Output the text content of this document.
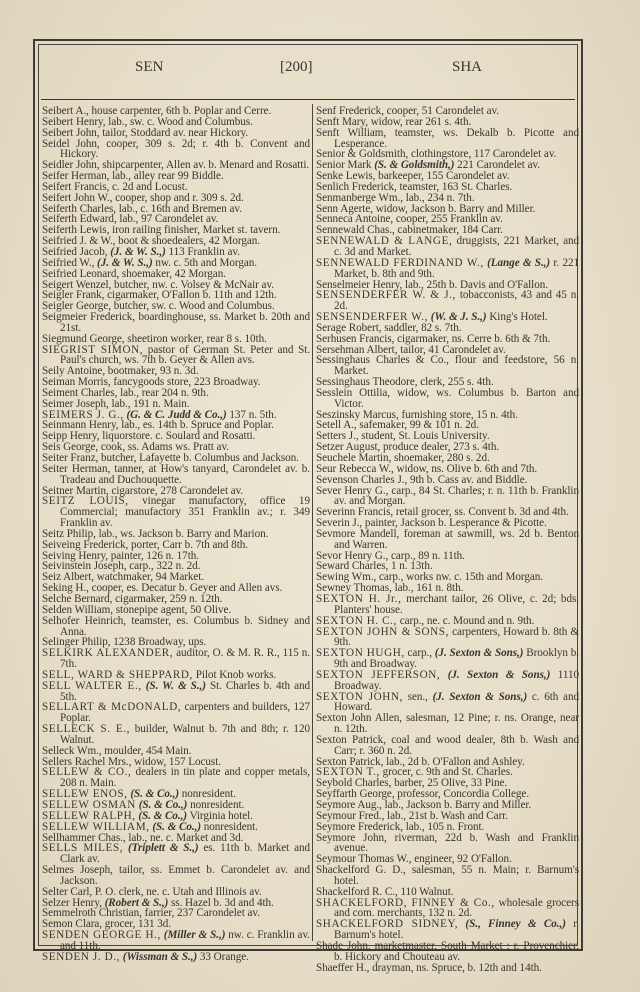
SEN	[200]	SHA
Seibert A., house carpenter, 6th b. Poplar and Cerre.
Seibert Henry, lab., sw. c. Wood and Columbus.
Seibert John, tailor, Stoddard av. near Hickory.
Seidel John, cooper, 309 s. 2d; r. 4th b. Convent and Hickory.
Seidler John, shipcarpenter, Allen av. b. Menard and Rosatti.
Seifer Herman, lab., alley rear 99 Biddle.
Seifert Francis, c. 2d and Locust.
Seifert John W., cooper, shop and r. 309 s. 2d.
Seiferth Charles, lab., c. 16th and Bremen av.
Seiferth Edward, lab., 97 Carondelet av.
Seiferth Lewis, iron railing finisher, Market st. tavern.
Seifried J. & W., boot & shoedealers, 42 Morgan.
Seifried Jacob, (J. & W. S.,) 113 Franklin av.
Seifried W., (J. & W. S.,) nw. c. 5th and Morgan.
Seifried Leonard, shoemaker, 42 Morgan.
Seigert Wenzel, butcher, nw. c. Volsey & McNair av.
Seigler Frank, cigarmaker, O'Fallon b. 11th and 12th.
Seigler George, butcher, sw. c. Wood and Columbus.
Seigmeier Frederick, boardinghouse, ss. Market b. 20th and 21st.
Siegmund George, sheetiron worker, rear 8 s. 10th.
SIEGRIST SIMON, pastor of German St. Peter and St. Paul's church, ws. 7th b. Geyer & Allen avs.
Seily Antoine, bootmaker, 93 n. 3d.
Seiman Morris, fancygoods store, 223 Broadway.
Seiment Charles, lab., rear 204 n. 9th.
Seimer Joseph, lab., 191 n. Main.
SEIMERS J. G., (G. & C. Judd & Co.,) 137 n. 5th.
Seinmann Henry, lab., es. 14th b. Spruce and Poplar.
Seipp Henry, liquorstore. c. Soulard and Rosatti.
Seis George, cook, ss. Adams ws. Pratt av.
Seiter Franz, butcher, Lafayette b. Columbus and Jackson.
Seiter Herman, tanner, at How's tanyard, Carondelet av. b. Tradeau and Duchouquette.
Seitner Martin, cigarstore, 278 Carondelet av.
SEITZ LOUIS, vinegar manufactory, office 19 Commercial; manufactory 351 Franklin av.; r. 349 Franklin av.
Seitz Philip, lab., ws. Jackson b. Barry and Marion.
Seiveing Frederick, porter, Carr b. 7th and 8th.
Seiving Henry, painter, 126 n. 17th.
Seivinstein Joseph, carp., 322 n. 2d.
Seiz Albert, watchmaker, 94 Market.
Seking H., cooper, es. Decatur b. Geyer and Allen avs.
Selche Bernard, cigarmaker, 259 n. 12th.
Selden William, stonepipe agent, 50 Olive.
Selhofer Heinrich, teamster, es. Columbus b. Sidney and Anna.
Selinger Philip, 1238 Broadway, ups.
SELKIRK ALEXANDER, auditor, O. & M. R. R., 115 n. 7th.
SELL, WARD & SHEPPARD, Pilot Knob works.
SELL WALTER E., (S. W. & S.,) St. Charles b. 4th and 5th.
SELLART & McDONALD, carpenters and builders, 127 Poplar.
SELLECK S. E., builder, Walnut b. 7th and 8th; r. 120 Walnut.
Selleck Wm., moulder, 454 Main.
Sellers Rachel Mrs., widow, 157 Locust.
SELLEW & CO., dealers in tin plate and copper metals, 208 n. Main.
SELLEW ENOS, (S. & Co.,) nonresident.
SELLEW OSMAN (S. & Co.,) nonresident.
SELLEW RALPH, (S. & Co.,) Virginia hotel.
SELLEW WILLIAM, (S. & Co.,) nonresident.
Sellhammer Chas., lab., ne. c. Market and 3d.
SELLS MILES, (Triplett & S.,) es. 11th b. Market and Clark av.
Selmes Joseph, tailor, ss. Emmet b. Carondelet av. and Jackson.
Selter Carl, P. O. clerk, ne. c. Utah and Illinois av.
Selzer Henry, (Robert & S.,) ss. Hazel b. 3d and 4th.
Semmelroth Christian, farrier, 237 Carondelet av.
Semon Clara, grocer, 131 3d.
SENDEN GEORGE H., (Miller & S.,) nw. c. Franklin av. and 11th.
SENDEN J. D., (Wissman & S.,) 33 Orange.
Senf Frederick, cooper, 51 Carondelet av.
Senft Mary, widow, rear 261 s. 4th.
Senft William, teamster, ws. Dekalb b. Picotte and Lesperance.
Senior & Goldsmith, clothingstore, 117 Carondelet av.
Senior Mark (S. & Goldsmith,) 221 Carondelet av.
Senke Lewis, barkeeper, 155 Carondelet av.
Senlich Frederick, teamster, 163 St. Charles.
Senmanberge Wm., lab., 234 n. 7th.
Senn Agerte, widow, Jackson b. Barry and Miller.
Senneca Antoine, cooper, 255 Franklin av.
Sennewald Chas., cabinetmaker, 184 Carr.
SENNEWALD & LANGE, druggists, 221 Market, and c. 3d and Market.
SENNEWALD FERDINAND W., (Lange & S.,) r. 221 Market, b. 8th and 9th.
Senselmeier Henry, lab., 25th b. Davis and O'Fallon.
SENSENDERFER W. & J., tobacconists, 43 and 45 n. 2d.
SENSENDERFER W., (W. & J. S.,) King's Hotel.
Serage Robert, saddler, 82 s. 7th.
Serhusen Francis, cigarmaker, ns. Cerre b. 6th & 7th.
Sersehman Albert, tailor, 41 Carondelet av.
Sessinghaus Charles & Co., flour and feedstore, 56 n. Market.
Sessinghaus Theodore, clerk, 255 s. 4th.
Sesslein Ottilia, widow, ws. Columbus b. Barton and Victor.
Seszinsky Marcus, furnishing store, 15 n. 4th.
Setell A., safemaker, 99 & 101 n. 2d.
Setters J., student, St. Louis University.
Setzer August, produce dealer, 273 s. 4th.
Seuchele Martin, shoemaker, 280 s. 2d.
Seur Rebecca W., widow, ns. Olive b. 6th and 7th.
Sevenson Charles J., 9th b. Cass av. and Biddle.
Sever Henry G., carp., 84 St. Charles; r. n. 11th b. Franklin av. and Morgan.
Severinn Francis, retail grocer, ss. Convent b. 3d and 4th.
Severin J., painter, Jackson b. Lesperance & Picotte.
Sevmore Mandell, foreman at sawmill, ws. 2d b. Benton and Warren.
Sevor Henry G., carp., 89 n. 11th.
Seward Charles, 1 n. 13th.
Sewing Wm., carp., works nw. c. 15th and Morgan.
Sewney Thomas, lab., 161 n. 8th.
SEXTON H. Jr., merchant tailor, 26 Olive, c. 2d; bds. Planters' house.
SEXTON H. C., carp., ne. c. Mound and n. 9th.
SEXTON JOHN & SONS, carpenters, Howard b. 8th & 9th.
SEXTON HUGH, carp., (J. Sexton & Sons,) Brooklyn b. 9th and Broadway.
SEXTON JEFFERSON, (J. Sexton & Sons,) 1110 Broadway.
SEXTON JOHN, sen., (J. Sexton & Sons,) c. 6th and Howard.
Sexton John Allen, salesman, 12 Pine; r. ns. Orange, near n. 12th.
Sexton Patrick, coal and wood dealer, 8th b. Wash and Carr; r. 360 n. 2d.
Sexton Patrick, lab., 2d b. O'Fallon and Ashley.
SEXTON T., grocer, c. 9th and St. Charles.
Seybold Charles, barber, 25 Olive, 33 Pine.
Seyffarth George, professor, Concordia College.
Seymore Aug., lab., Jackson b. Barry and Miller.
Seymour Fred., lab., 21st b. Wash and Carr.
Seymore Frederick, lab., 105 n. Front.
Seymore John, riverman, 22d b. Wash and Franklin avenue.
Seymour Thomas W., engineer, 92 O'Fallon.
Shackelford G. D., salesman, 55 n. Main; r. Barnum's hotel.
Shackelford R. C., 110 Walnut.
SHACKELFORD, FINNEY & Co., wholesale grocers and com. merchants, 132 n. 2d.
SHACKELFORD SIDNEY, (S., Finney & Co.,) r. Barnum's hotel.
Shade John, marketmaster, South Market ; r. Provenchier, b. Hickory and Chouteau av.
Shaeffer H., drayman, ns. Spruce, b. 12th and 14th.
